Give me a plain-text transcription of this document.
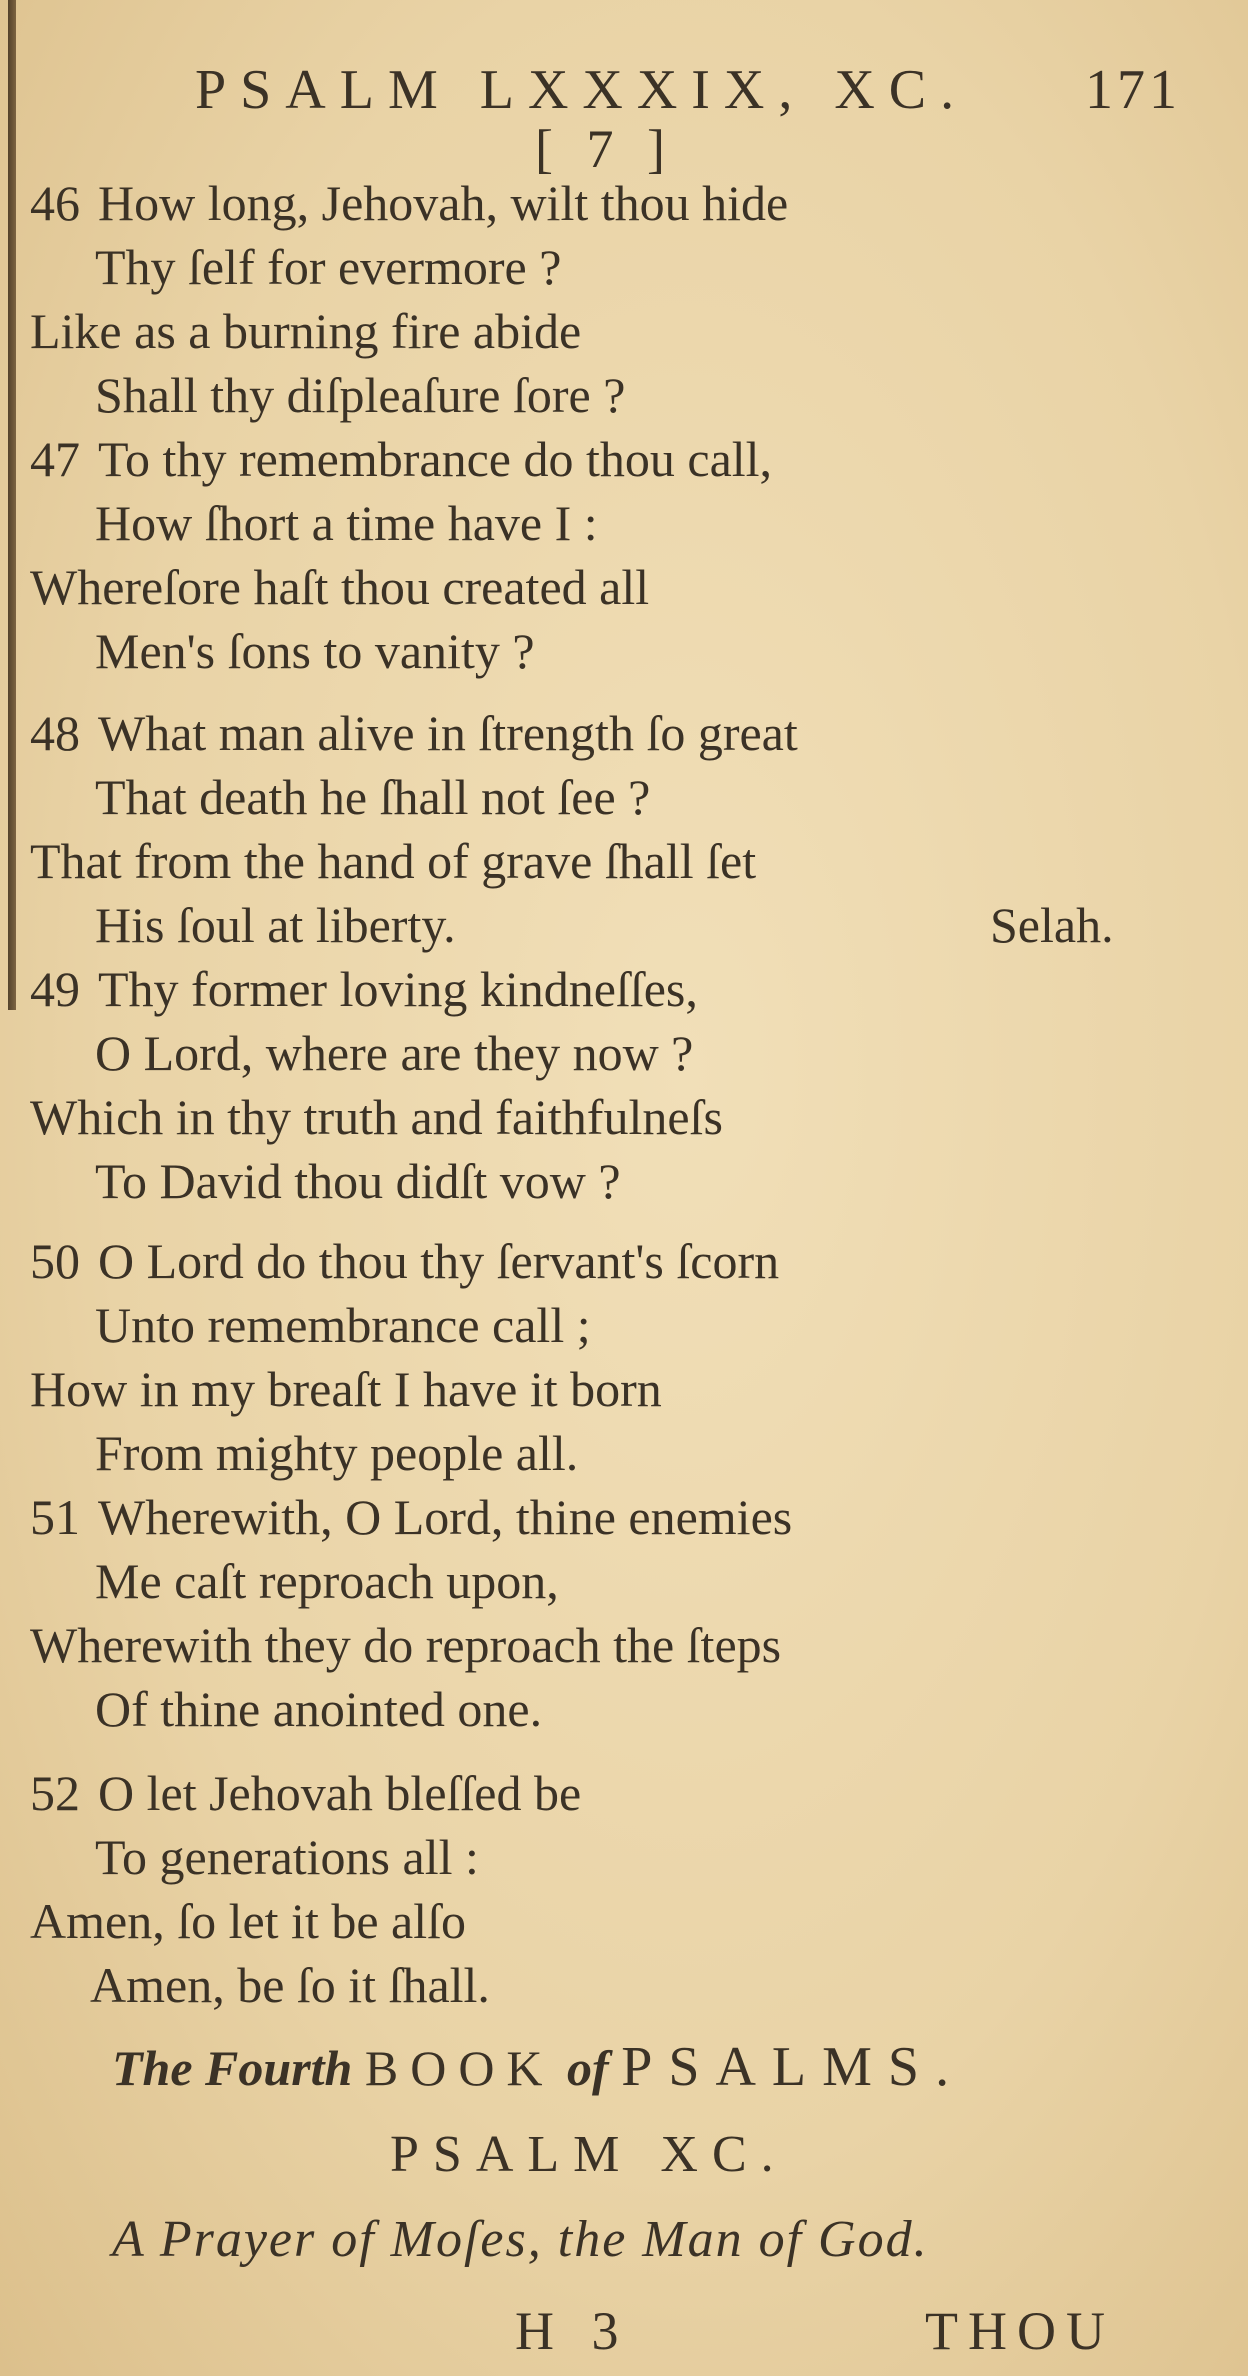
PSALM LXXXIX, XC. 171
[ 7 ]
46 How long, Jehovah, wilt thou hide
Thy ſelf for evermore ?
Like as a burning fire abide
Shall thy diſpleaſure ſore ?
47 To thy remembrance do thou call,
How ſhort a time have I :
Whereſore haſt thou created all
Men's ſons to vanity ?
48 What man alive in ſtrength ſo great
That death he ſhall not ſee ?
That from the hand of grave ſhall ſet
His ſoul at liberty.	Selah.
49 Thy former loving kindneſſes,
O Lord, where are they now ?
Which in thy truth and faithfulneſs
To David thou didſt vow ?
50 O Lord do thou thy ſervant's ſcorn
Unto remembrance call ;
How in my breaſt I have it born
From mighty people all.
51 Wherewith, O Lord, thine enemies
Me caſt reproach upon,
Wherewith they do reproach the ſteps
Of thine anointed one.
52 O let Jehovah bleſſed be
To generations all :
Amen, ſo let it be alſo
Amen, be ſo it ſhall.
The Fourth BOOK of PSALMS.
PSALM XC.
A Prayer of Moſes, the Man of God.
H 3	THOU
